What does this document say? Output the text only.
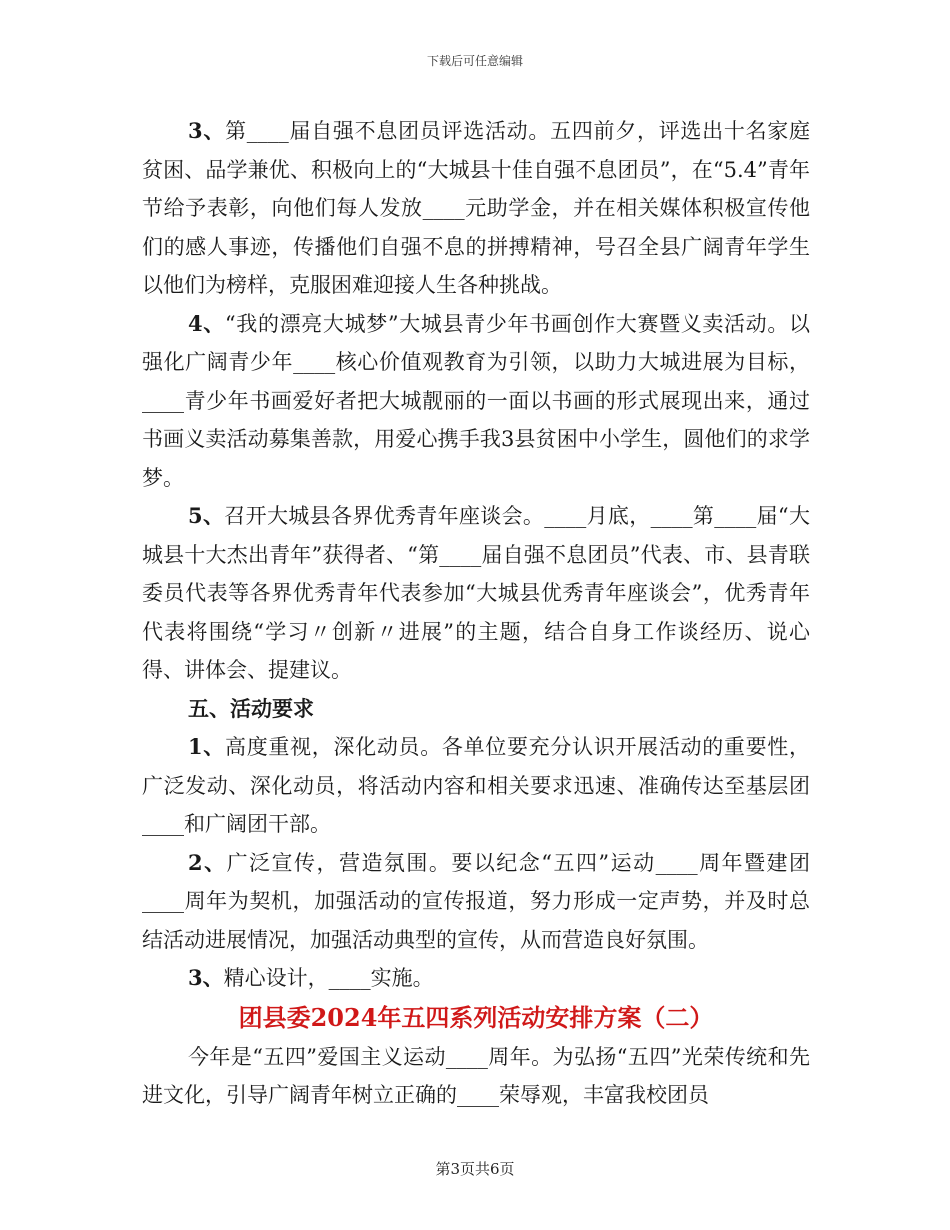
下载后可任意编辑

3、第____届自强不息团员评选活动。五四前夕，评选出十名家庭贫困、品学兼优、积极向上的“大城县十佳自强不息团员”，在“5.4”青年节给予表彰，向他们每人发放____元助学金，并在相关媒体积极宣传他们的感人事迹，传播他们自强不息的拼搏精神，号召全县广阔青年学生以他们为榜样，克服困难迎接人生各种挑战。

4、“我的漂亮大城梦”大城县青少年书画创作大赛暨义卖活动。以强化广阔青少年____核心价值观教育为引领，以助力大城进展为目标，____青少年书画爱好者把大城靓丽的一面以书画的形式展现出来，通过书画义卖活动募集善款，用爱心携手我3县贫困中小学生，圆他们的求学梦。

5、召开大城县各界优秀青年座谈会。____月底，____第____届“大城县十大杰出青年”获得者、“第____届自强不息团员”代表、市、县青联委员代表等各界优秀青年代表参加“大城县优秀青年座谈会”，优秀青年代表将围绕“学习〃创新〃进展”的主题，结合自身工作谈经历、说心得、讲体会、提建议。

五、活动要求

1、高度重视，深化动员。各单位要充分认识开展活动的重要性，广泛发动、深化动员，将活动内容和相关要求迅速、准确传达至基层团____和广阔团干部。

2、广泛宣传，营造氛围。要以纪念“五四”运动____周年暨建团____周年为契机，加强活动的宣传报道，努力形成一定声势，并及时总结活动进展情况，加强活动典型的宣传，从而营造良好氛围。

3、精心设计，____实施。

团县委2024年五四系列活动安排方案（二）

今年是“五四”爱国主义运动____周年。为弘扬“五四”光荣传统和先进文化，引导广阔青年树立正确的____荣辱观，丰富我校团员

第3页共6页
